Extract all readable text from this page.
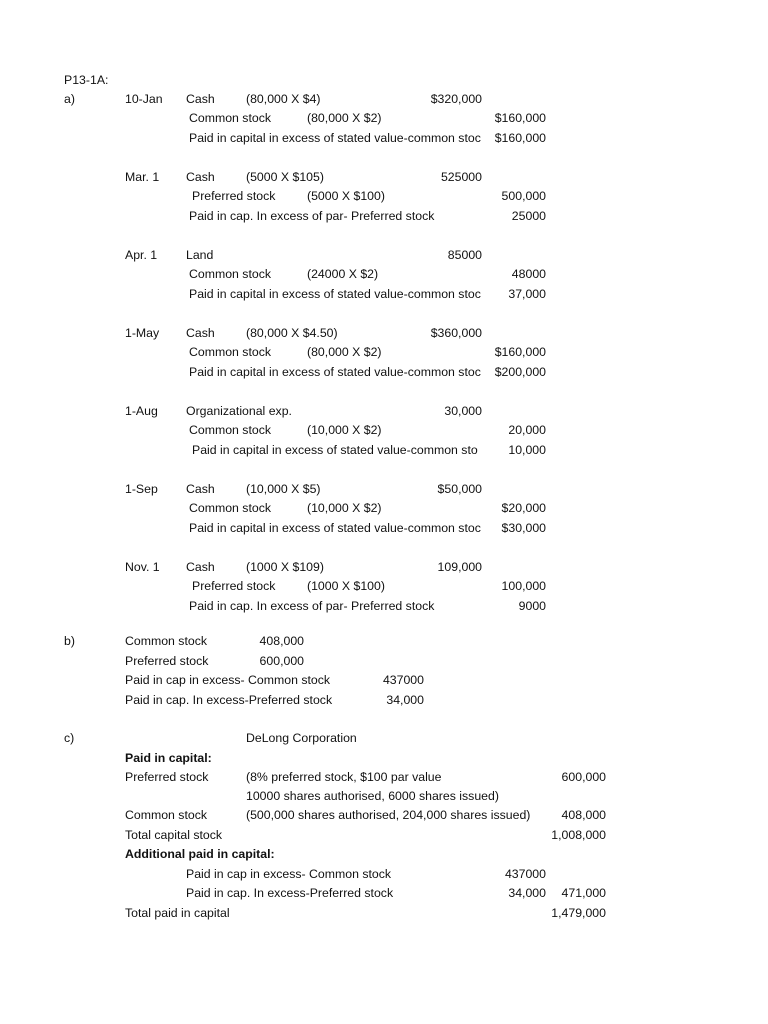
P13-1A:
a)	10-Jan Cash	(80,000 X $4)	$320,000
Common stock	(80,000 X $2)	$160,000
Paid in capital in excess of stated value-common stoc $160,000
Mar. 1 Cash	(5000 X $105)	525000
Preferred stock	(5000 X $100)	500,000
Paid in cap. In excess of par- Preferred stock	25000
Apr. 1 Land	85000
Common stock	(24000 X $2)	48000
Paid in capital in excess of stated value-common stoc 37,000
1-May Cash	(80,000 X $4.50)	$360,000
Common stock	(80,000 X $2)	$160,000
Paid in capital in excess of stated value-common stoc $200,000
1-Aug Organizational exp.	30,000
Common stock	(10,000 X $2)	20,000
Paid in capital in excess of stated value-common sto 10,000
1-Sep Cash	(10,000 X $5)	$50,000
Common stock	(10,000 X $2)	$20,000
Paid in capital in excess of stated value-common stoc $30,000
Nov. 1 Cash	(1000 X $109)	109,000
Preferred stock	(1000 X $100)	100,000
Paid in cap. In excess of par- Preferred stock	9000
b)	Common stock	408,000
Preferred stock	600,000
Paid in cap in excess- Common stock	437000
Paid in cap. In excess-Preferred stock	34,000
c)	DeLong Corporation
Paid in capital:
Preferred stock	(8% preferred stock, $100 par value	600,000
10000 shares authorised, 6000 shares issued)
Common stock	(500,000 shares authorised, 204,000 shares issued)	408,000
Total capital stock	1,008,000
Additional paid in capital:
Paid in cap in excess- Common stock	437000
Paid in cap. In excess-Preferred stock	34,000 471,000
Total paid in capital	1,479,000
